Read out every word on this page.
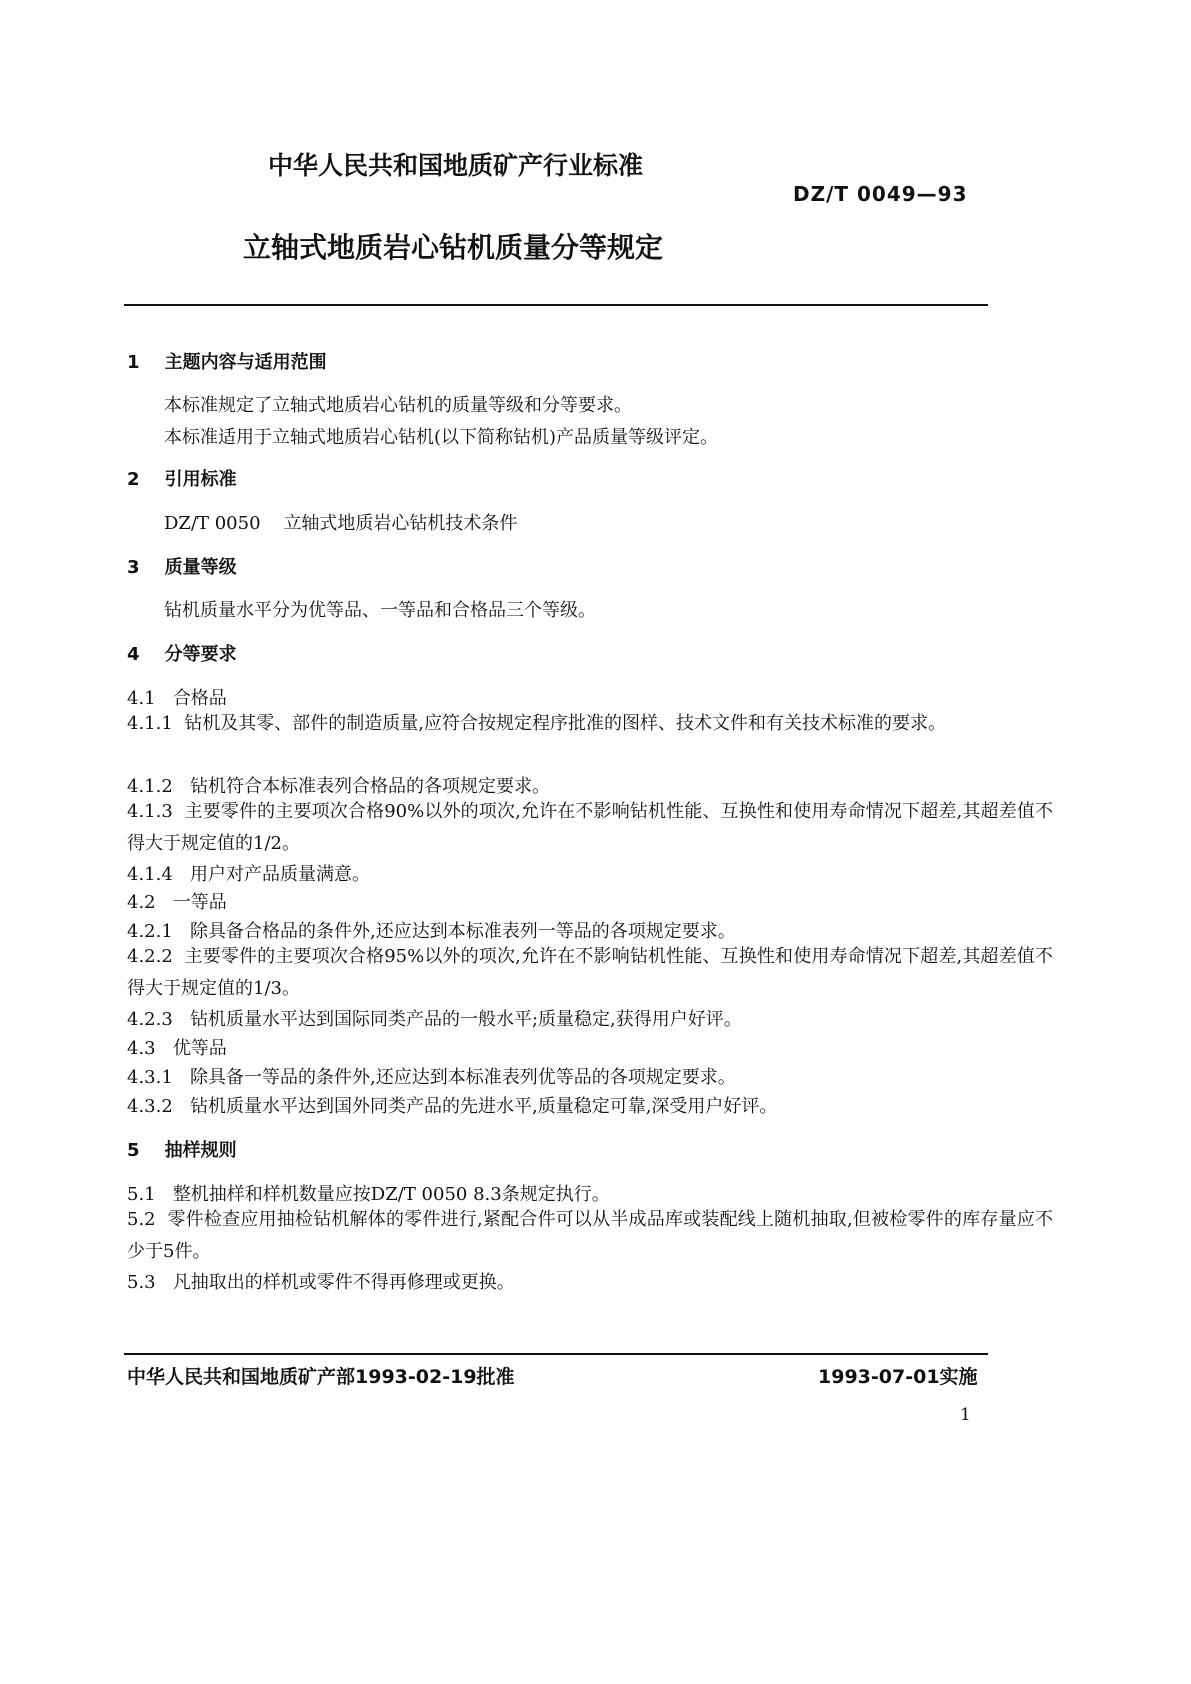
中华人民共和国地质矿产行业标准
DZ/T 0049—93
立轴式地质岩心钻机质量分等规定
1 主题内容与适用范围
本标准规定了立轴式地质岩心钻机的质量等级和分等要求。
本标准适用于立轴式地质岩心钻机(以下简称钻机)产品质量等级评定。
2 引用标准
DZ/T 0050 立轴式地质岩心钻机技术条件
3 质量等级
钻机质量水平分为优等品、一等品和合格品三个等级。
4 分等要求
4.1 合格品
4.1.1 钻机及其零、部件的制造质量,应符合按规定程序批准的图样、技术文件和有关技术标准的要求。
4.1.2 钻机符合本标准表列合格品的各项规定要求。
4.1.3 主要零件的主要项次合格90%以外的项次,允许在不影响钻机性能、互换性和使用寿命情况下超差,其超差值不得大于规定值的1/2。
4.1.4 用户对产品质量满意。
4.2 一等品
4.2.1 除具备合格品的条件外,还应达到本标准表列一等品的各项规定要求。
4.2.2 主要零件的主要项次合格95%以外的项次,允许在不影响钻机性能、互换性和使用寿命情况下超差,其超差值不得大于规定值的1/3。
4.2.3 钻机质量水平达到国际同类产品的一般水平;质量稳定,获得用户好评。
4.3 优等品
4.3.1 除具备一等品的条件外,还应达到本标准表列优等品的各项规定要求。
4.3.2 钻机质量水平达到国外同类产品的先进水平,质量稳定可靠,深受用户好评。
5 抽样规则
5.1 整机抽样和样机数量应按DZ/T 0050 8.3条规定执行。
5.2 零件检查应用抽检钻机解体的零件进行,紧配合件可以从半成品库或装配线上随机抽取,但被检零件的库存量应不少于5件。
5.3 凡抽取出的样机或零件不得再修理或更换。
中华人民共和国地质矿产部1993-02-19批准	1993-07-01实施
1
